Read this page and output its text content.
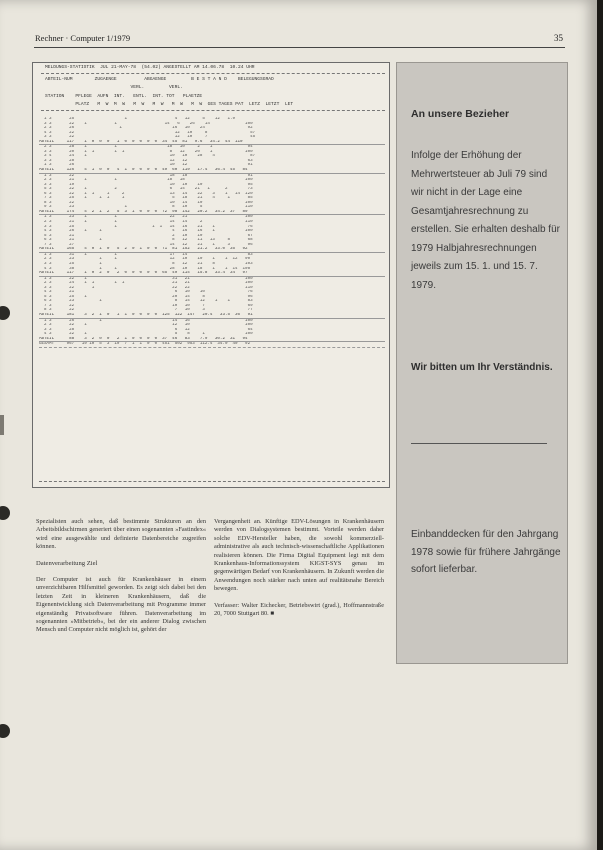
Rechner · Computer 1/1979	35
MELDUNGS-STATISTIK  JUL 21-MAY-78  (54.02) ANGESTELLT AM 14.06.78  10.24 UHR
ABTEIL-NUM        ZUGAENGE          ABGAENGE         B E S T A N D    BELEGUNGSGRAD
VERL.         VERL.
STATION    PFLEGE  AUFN  INT.   ENTL.  INT. TOT   PLAETZE
PLATZ   M  W  M  W   M  W   M  W   M  W   M  W  GES TAGES PAT  LETZ  LETZT  LET
1 3       25                    1                   4   12     5    12   1.9
3 3       22    1           1                   14   6    26    14              100
2 3       26                  1                    16   10    24                 92
4 3       22                                        12   10     8                 57
3 3       22                                        12   10     7                 45
ABTEIL     117    1  0  0  0   1  0  0  0  0  0  34  45  81   9.6   34.2  44  110
2 3       28    1           1                    18   10     2    1              94
3 3       20    1  1        1  1                  8   12    20    1             100
3 4       24    1                                 10   10    28    4              87
3 3       28                                      12   12                        63
1 3       26                                      10   12                        91
ABTEIL     126    4  1  0  0   4  1  0  0  0  0  49  60  119   17.4   36.4  45   84
1 3       22                                      18   18                        91
2 3       21    1           1                    18   18                        100
3 3       19                                      10   10    10                  95
5 3       22    1           2                     6   14    21   1      2        73
6 3       22    1  1     1     2                  13   14    22    3    1   14  120
7 3       25    1     1  1     1                   5   18    21    4     1       85
8 3       22                                      10   14    10                 100
9 3       23                    1                  8   10     5                 110
ABTEIL     174    4  2  1  2   5  3  1  0  0  0  72  98  142   20.2   34.2  37   89
1 3       23    1           1                     22   21                       100
2 3       21    1           1                     14   14     2                 110
3 3       25                1              1  1   14   16    21    1             76
4 3       26    1     1                            4   16    16    1            100
5 3       21                                       2   10    10                  67
6 3       21          1                            8   12    11   13     8       68
7 3       27                                      14   12    21    1     3       96
ABTEIL     165    4  0  1  0   5  2  0  1  0  0  71  81  152   21.2   33.0  35   92
1 3       31    1           1                     17   14                        83
2 3       23          1     1                     12   10    10    1    1  12   90
3 3       25          1                            8   12    21    8            103
4 3       38          1     1                     28   10    18    1    1  14  108
ABTEIL     117    1  0  2  0   2  0  0  0  0  0  65  49  114   15.8   33.4  34   97
1 3       22    1                                  31   21                      100
2 3       24    1  1        1  1                   21   21                      100
3 3       22       1                               22   22                      110
4 3       21                                        6   10    10                 76
5 3       25    1                                  20   14     8                 96
6 3       23          1                             8   14    12    1    1       83
7 3       22                                       10   10     7                 69
8 3       22                                        7   10     3                 77
ABTEIL     181    3  2  1  0   1  1  0  0  0  0  125  122  147   20.4   33.5  36   91
1 3       26          1                            14   16                      100
2 3       22    1                                  12   10                      100
3 3       28                                        6   12                       64
4 3       22    1                                   5    8     1                100
ABTEIL      88    3  2  0  0   2  1  0  0  0  0  37  46   83    7.9   30.2  31   94
GESAMT     967   19 10  5  3  19  7  1  1  0  0  451  502  953  112.4  34.0  40   92
An unsere Bezieher
Infolge der Erhöhung der Mehrwertsteuer ab Juli 79 sind wir nicht in der Lage eine Gesamtjahresrechnung zu erstellen. Sie erhalten deshalb für 1979 Halbjahresrechnungen jeweils zum 15. 1. und 15. 7. 1979.
Wir bitten um Ihr Verständnis.
Einbanddecken für den Jahrgang 1978 sowie für frühere Jahrgänge sofort lieferbar.

Spezialisten auch sehen, daß bestimmte Strukturen an den Arbeitsbildschirmen generiert über einen sogenannten »Fastindex« wird eine ausgewählte und definierte Datenbereiche zugreifen können.

Datenverarbeitung Ziel

Der Computer ist auch für Krankenhäuser in einem unverzichtbaren Hilfsmittel geworden. Es zeigt sich dabei bei den letzten Zeit in kleineren Krankenhäusern, daß die Eigenentwicklung sich Datenverarbeitung mit Programme immer eigenständig Privatsoftware führen. Datenverarbeitung im sogenannten »Mitbetrieb«, bei der ein anderer Dialog zwischen Mensch und Computer nicht möglich ist, gehört der

Vergangenheit an. Künftige EDV-Lösungen in Krankenhäusern werden von Dialogsystemen bestimmt. Vorteile werden daher solche EDV-Hersteller haben, die sowohl kommerziell-administrative als auch technisch-wissenschaftliche Applikationen realisieren können. Die Firma Digital Equipment legt mit dem Krankenhaus-Informationssystem KIGST-SYS genau im gegenwärtigen Bedarf von Krankenhäusern. In Zukunft werden die Anwendungen noch stärker nach unten auf realitätsnahe Bereich bewegen.

Verfasser: Walter Eichecker, Betriebswirt (grad.), Hoffmannstraße 20, 7000 Stuttgart 80. ■
